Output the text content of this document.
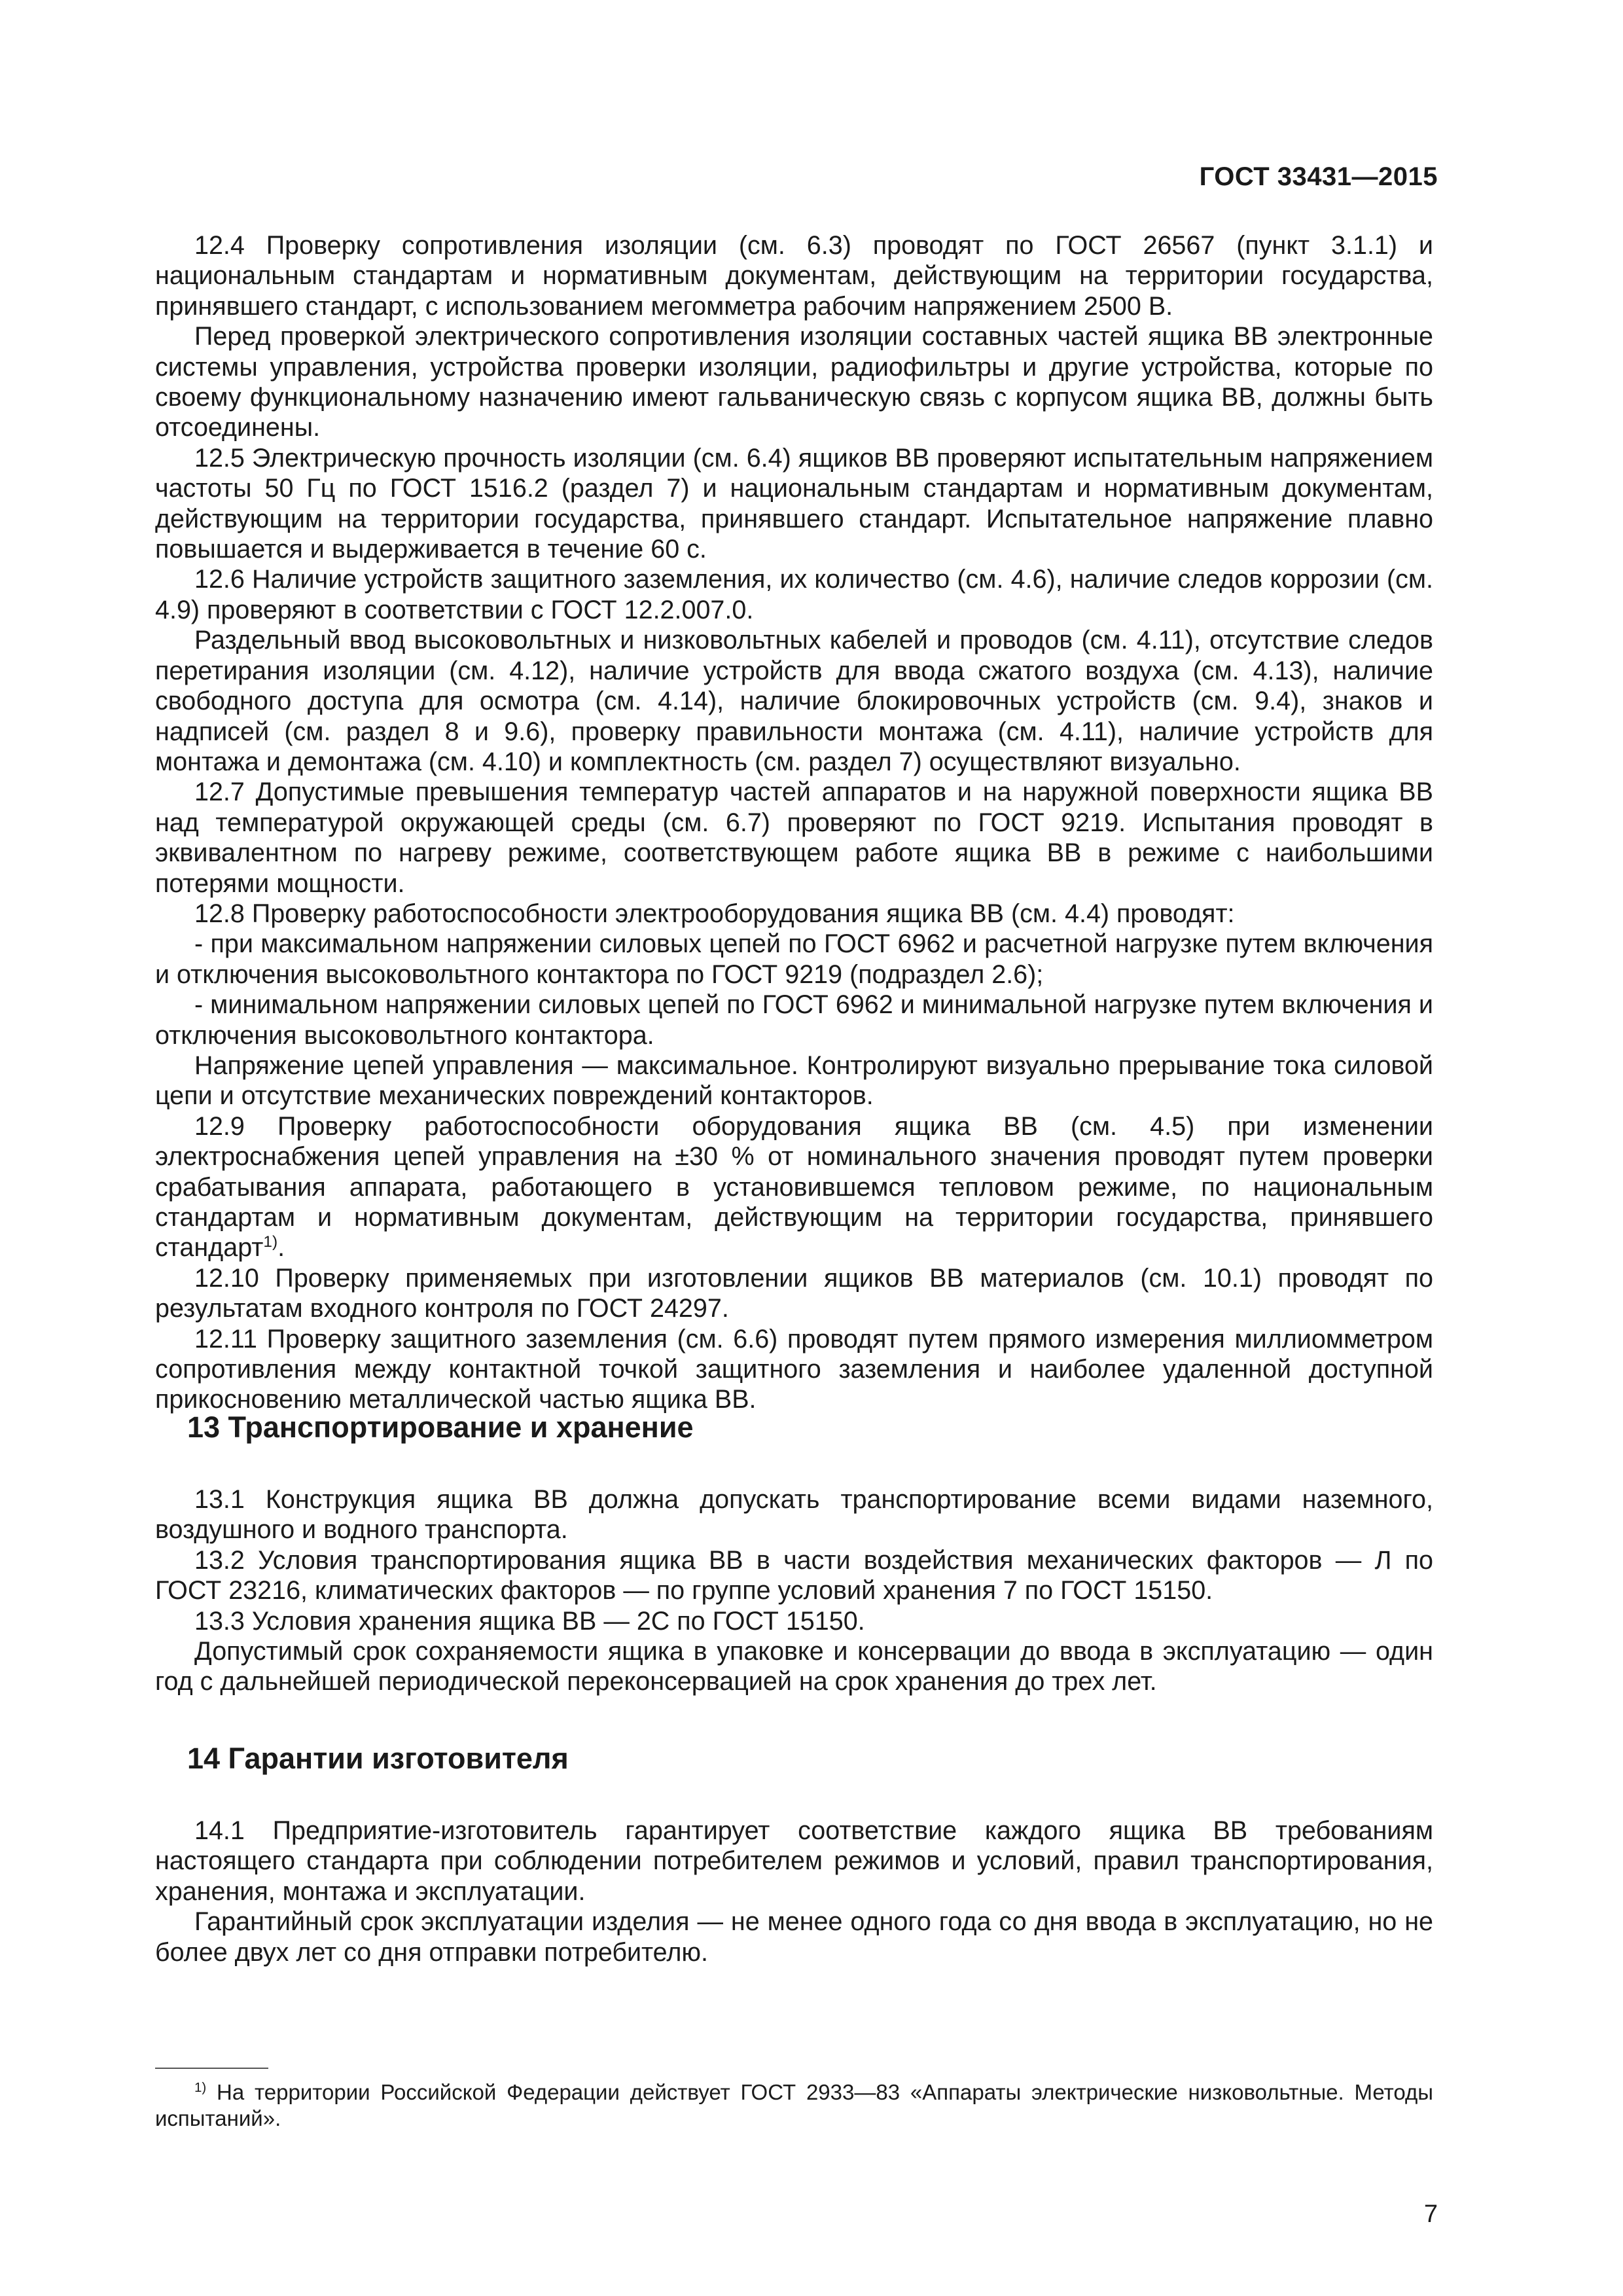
ГОСТ 33431—2015

12.4 Проверку сопротивления изоляции (см. 6.3) проводят по ГОСТ 26567 (пункт 3.1.1) и национальным стандартам и нормативным документам, действующим на территории государства, принявшего стандарт, с использованием мегомметра рабочим напряжением 2500 В.

Перед проверкой электрического сопротивления изоляции составных частей ящика ВВ электронные системы управления, устройства проверки изоляции, радиофильтры и другие устройства, которые по своему функциональному назначению имеют гальваническую связь с корпусом ящика ВВ, должны быть отсоединены.

12.5 Электрическую прочность изоляции (см. 6.4) ящиков ВВ проверяют испытательным напряжением частоты 50 Гц по ГОСТ 1516.2 (раздел 7) и национальным стандартам и нормативным документам, действующим на территории государства, принявшего стандарт. Испытательное напряжение плавно повышается и выдерживается в течение 60 с.

12.6 Наличие устройств защитного заземления, их количество (см. 4.6), наличие следов коррозии (см. 4.9) проверяют в соответствии с ГОСТ 12.2.007.0.

Раздельный ввод высоковольтных и низковольтных кабелей и проводов (см. 4.11), отсутствие следов перетирания изоляции (см. 4.12), наличие устройств для ввода сжатого воздуха (см. 4.13), наличие свободного доступа для осмотра (см. 4.14), наличие блокировочных устройств (см. 9.4), знаков и надписей (см. раздел 8 и 9.6), проверку правильности монтажа (см. 4.11), наличие устройств для монтажа и демонтажа (см. 4.10) и комплектность (см. раздел 7) осуществляют визуально.

12.7 Допустимые превышения температур частей аппаратов и на наружной поверхности ящика ВВ над температурой окружающей среды (см. 6.7) проверяют по ГОСТ 9219. Испытания проводят в эквивалентном по нагреву режиме, соответствующем работе ящика ВВ в режиме с наибольшими потерями мощности.

12.8 Проверку работоспособности электрооборудования ящика ВВ (см. 4.4) проводят:

- при максимальном напряжении силовых цепей по ГОСТ 6962 и расчетной нагрузке путем включения и отключения высоковольтного контактора по ГОСТ 9219 (подраздел 2.6);

- минимальном напряжении силовых цепей по ГОСТ 6962 и минимальной нагрузке путем включения и отключения высоковольтного контактора.

Напряжение цепей управления — максимальное. Контролируют визуально прерывание тока силовой цепи и отсутствие механических повреждений контакторов.

12.9 Проверку работоспособности оборудования ящика ВВ (см. 4.5) при изменении электроснабжения цепей управления на ±30 % от номинального значения проводят путем проверки срабатывания аппарата, работающего в установившемся тепловом режиме, по национальным стандартам и нормативным документам, действующим на территории государства, принявшего стандарт$^{1)}$.

12.10 Проверку применяемых при изготовлении ящиков ВВ материалов (см. 10.1) проводят по результатам входного контроля по ГОСТ 24297.

12.11 Проверку защитного заземления (см. 6.6) проводят путем прямого измерения миллиомметром сопротивления между контактной точкой защитного заземления и наиболее удаленной доступной прикосновению металлической частью ящика ВВ.

13 Транспортирование и хранение

13.1 Конструкция ящика ВВ должна допускать транспортирование всеми видами наземного, воздушного и водного транспорта.

13.2 Условия транспортирования ящика ВВ в части воздействия механических факторов — Л по ГОСТ 23216, климатических факторов — по группе условий хранения 7 по ГОСТ 15150.

13.3 Условия хранения ящика ВВ — 2С по ГОСТ 15150.

Допустимый срок сохраняемости ящика в упаковке и консервации до ввода в эксплуатацию — один год с дальнейшей периодической переконсервацией на срок хранения до трех лет.

14 Гарантии изготовителя

14.1 Предприятие-изготовитель гарантирует соответствие каждого ящика ВВ требованиям настоящего стандарта при соблюдении потребителем режимов и условий, правил транспортирования, хранения, монтажа и эксплуатации.

Гарантийный срок эксплуатации изделия — не менее одного года со дня ввода в эксплуатацию, но не более двух лет со дня отправки потребителю.

$^{1)}$ На территории Российской Федерации действует ГОСТ 2933—83 «Аппараты электрические низковольтные. Методы испытаний».
7
